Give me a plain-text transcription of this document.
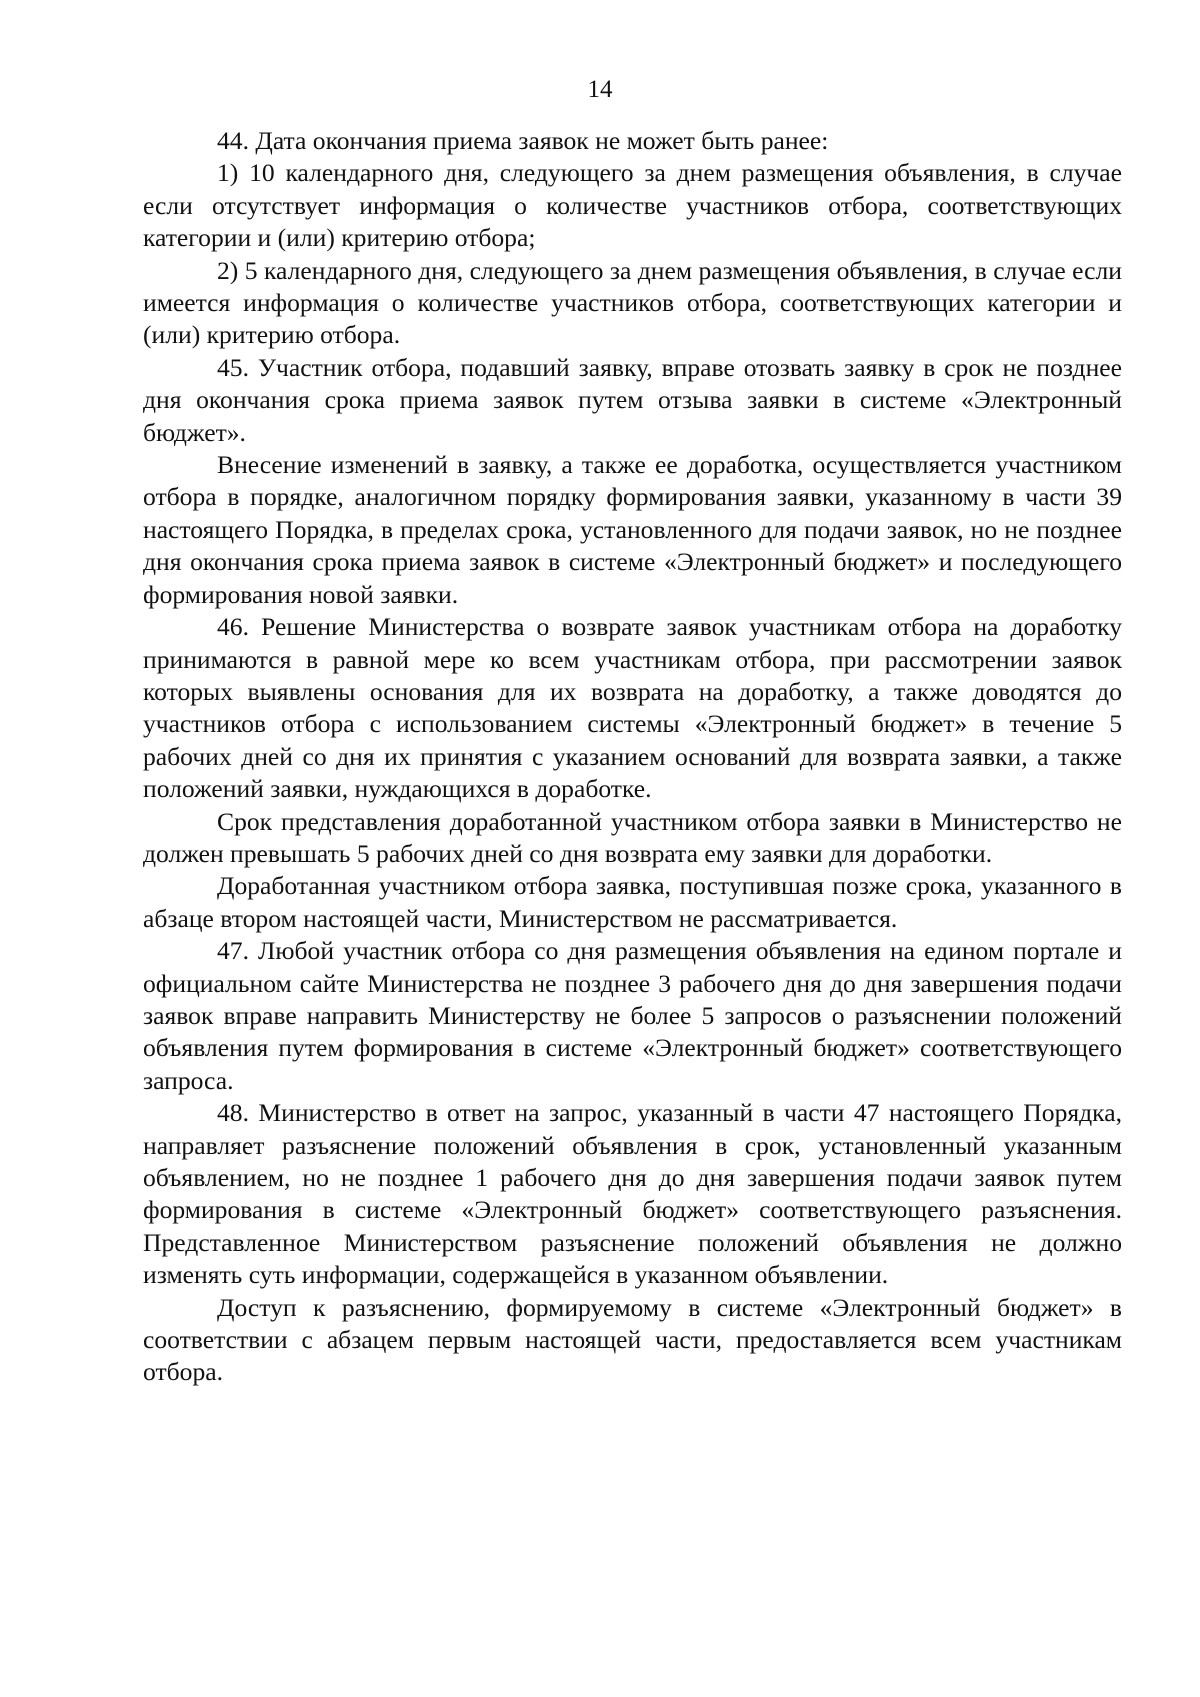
14

44. Дата окончания приема заявок не может быть ранее:

1) 10 календарного дня, следующего за днем размещения объявления, в случае если отсутствует информация о количестве участников отбора, соответствующих категории и (или) критерию отбора;

2) 5 календарного дня, следующего за днем размещения объявления, в случае если имеется информация о количестве участников отбора, соответствующих категории и (или) критерию отбора.

45. Участник отбора, подавший заявку, вправе отозвать заявку в срок не позднее дня окончания срока приема заявок путем отзыва заявки в системе «Электронный бюджет».

Внесение изменений в заявку, а также ее доработка, осуществляется участником отбора в порядке, аналогичном порядку формирования заявки, указанному в части 39 настоящего Порядка, в пределах срока, установленного для подачи заявок, но не позднее дня окончания срока приема заявок в системе «Электронный бюджет» и последующего формирования новой заявки.

46. Решение Министерства о возврате заявок участникам отбора на доработку принимаются в равной мере ко всем участникам отбора, при рассмотрении заявок которых выявлены основания для их возврата на доработку, а также доводятся до участников отбора с использованием системы «Электронный бюджет» в течение 5 рабочих дней со дня их принятия с указанием оснований для возврата заявки, а также положений заявки, нуждающихся в доработке.

Срок представления доработанной участником отбора заявки в Министерство не должен превышать 5 рабочих дней со дня возврата ему заявки для доработки.

Доработанная участником отбора заявка, поступившая позже срока, указанного в абзаце втором настоящей части, Министерством не рассматривается.

47. Любой участник отбора со дня размещения объявления на едином портале и официальном сайте Министерства не позднее 3 рабочего дня до дня завершения подачи заявок вправе направить Министерству не более 5 запросов о разъяснении положений объявления путем формирования в системе «Электронный бюджет» соответствующего запроса.

48. Министерство в ответ на запрос, указанный в части 47 настоящего Порядка, направляет разъяснение положений объявления в срок, установленный указанным объявлением, но не позднее 1 рабочего дня до дня завершения подачи заявок путем формирования в системе «Электронный бюджет» соответствующего разъяснения. Представленное Министерством разъяснение положений объявления не должно изменять суть информации, содержащейся в указанном объявлении.

Доступ к разъяснению, формируемому в системе «Электронный бюджет» в соответствии с абзацем первым настоящей части, предоставляется всем участникам отбора.
